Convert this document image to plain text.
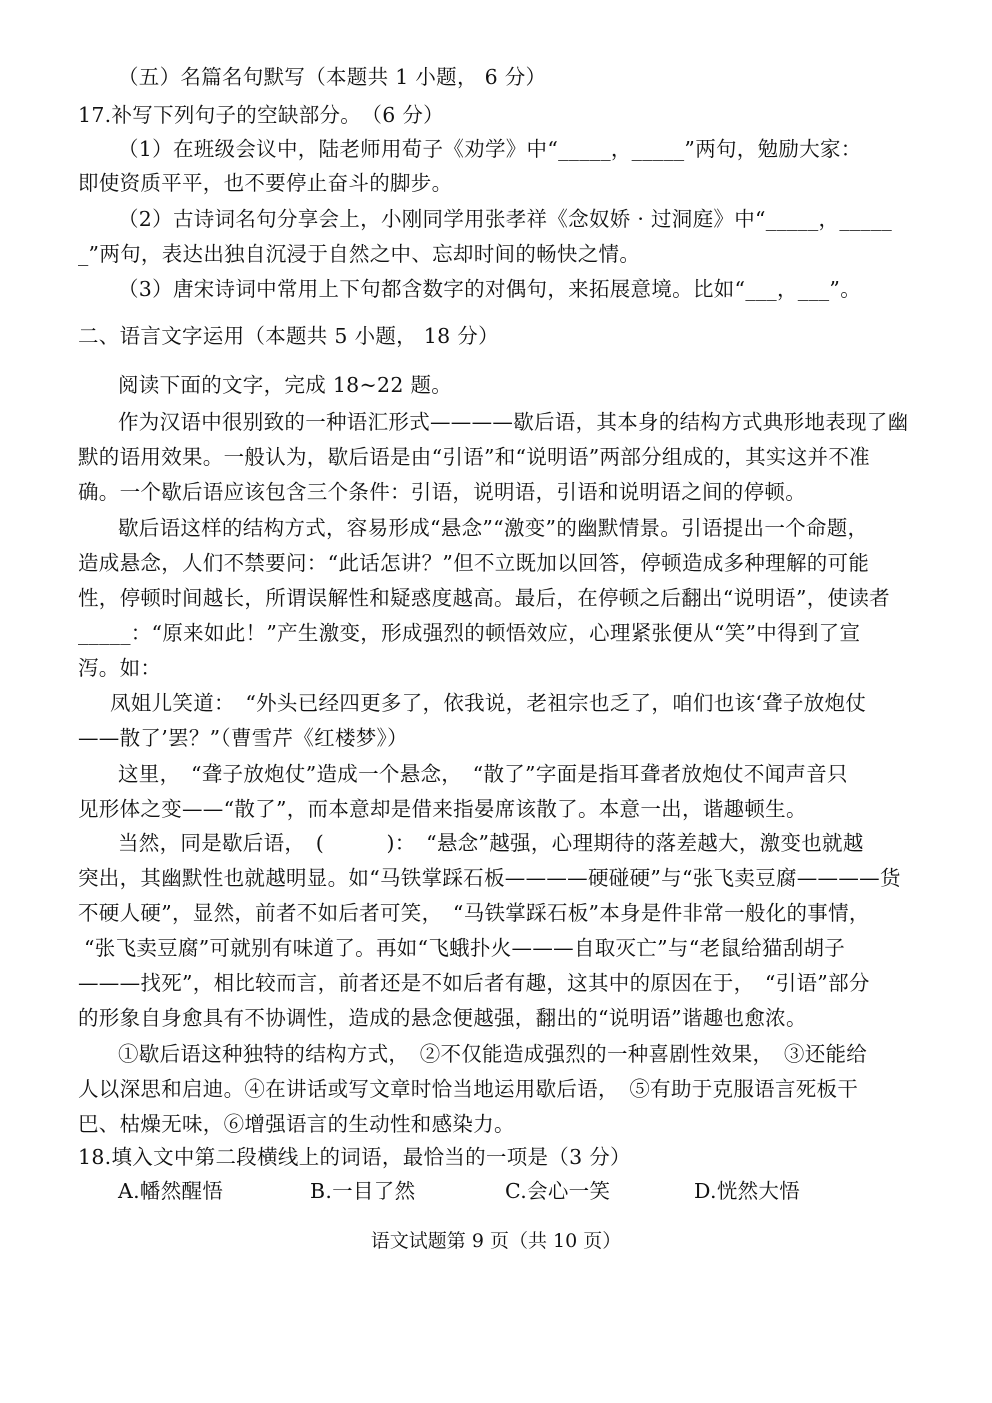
（五）名篇名句默写（本题共 1 小题， 6 分）
17.补写下列句子的空缺部分。　（6 分）
（1）在班级会议中，陆老师用荀子《劝学》中“_____，_____”两句，勉励大家：
即使资质平平，也不要停止奋斗的脚步。
（2）古诗词名句分享会上，小刚同学用张孝祥《念奴娇 · 过洞庭》中“_____，_____
_”两句，表达出独自沉浸于自然之中、忘却时间的畅快之情。
（3）唐宋诗词中常用上下句都含数字的对偶句，来拓展意境。比如“___，___”。
二、语言文字运用（本题共 5 小题， 18 分）
阅读下面的文字，完成 18~22 题。
作为汉语中很别致的一种语汇形式————歇后语，其本身的结构方式典形地表现了幽
默的语用效果。一般认为，歇后语是由“引语”和“说明语”两部分组成的，其实这并不准
确。一个歇后语应该包含三个条件：引语，说明语，引语和说明语之间的停顿。
歇后语这样的结构方式，容易形成“悬念”“激变”的幽默情景。引语提出一个命题，
造成悬念，人们不禁要问：“此话怎讲？”但不立既加以回答，停顿造成多种理解的可能
性，停顿时间越长，所谓误解性和疑惑度越高。最后，在停顿之后翻出“说明语”，使读者
_____：“原来如此！”产生激变，形成强烈的顿悟效应，心理紧张便从“笑”中得到了宣
泻。如：
凤姐儿笑道：　“外头已经四更多了，依我说，老祖宗也乏了，咱们也该‘聋子放炮仗
——散了’罢？”（曹雪芹《红楼梦》）
这里，　“聋子放炮仗”造成一个悬念，　“散了”字面是指耳聋者放炮仗不闻声音只
见形体之变——“散了”，而本意却是借来指晏席该散了。本意一出，谐趣顿生。
当然，同是歇后语，　(　　　)：　“悬念”越强，心理期待的落差越大，激变也就越
突出，其幽默性也就越明显。如“马铁掌踩石板————硬碰硬”与“张飞卖豆腐————货
不硬人硬”，显然，前者不如后者可笑，　“马铁掌踩石板”本身是件非常一般化的事情，
“张飞卖豆腐”可就别有味道了。再如“飞蛾扑火———自取灭亡”与“老鼠给猫刮胡子
———找死”，相比较而言，前者还是不如后者有趣，这其中的原因在于，　“引语”部分
的形象自身愈具有不协调性，造成的悬念便越强，翻出的“说明语”谐趣也愈浓。
①歇后语这种独特的结构方式，　②不仅能造成强烈的一种喜剧性效果，　③还能给
人以深思和启迪。④在讲话或写文章时恰当地运用歇后语，　⑤有助于克服语言死板干
巴、枯燥无味，⑥增强语言的生动性和感染力。
18.填入文中第二段横线上的词语，最恰当的一项是（3 分）
A.幡然醒悟	B.一目了然	C.会心一笑	D.恍然大悟
语文试题第 9 页（共 10 页）
